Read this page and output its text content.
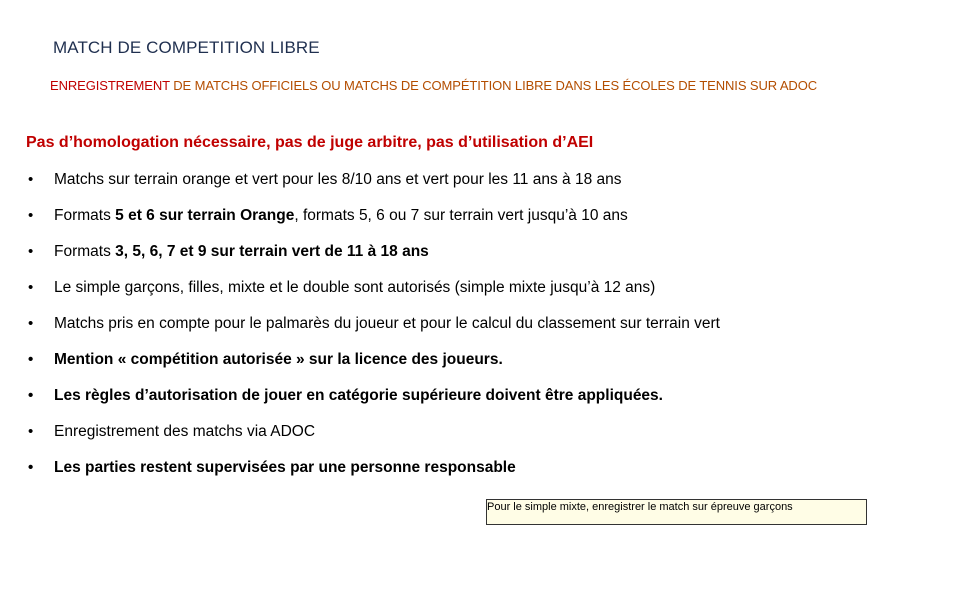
MATCH DE COMPETITION LIBRE
ENREGISTREMENT DE MATCHS OFFICIELS OU MATCHS DE COMPÉTITION LIBRE DANS LES ÉCOLES DE TENNIS SUR ADOC
Pas d’homologation nécessaire, pas de juge arbitre, pas d’utilisation d’AEI
• Matchs sur terrain orange et vert pour les 8/10 ans et vert pour les 11 ans à 18 ans
• Formats 5 et 6 sur terrain Orange, formats 5, 6 ou 7 sur terrain vert jusqu’à 10 ans
• Formats 3, 5, 6, 7 et 9 sur terrain vert de 11 à 18 ans
• Le simple garçons, filles, mixte et le double sont autorisés (simple mixte jusqu’à 12 ans)
• Matchs pris en compte pour le palmarès du joueur et pour le calcul du classement sur terrain vert
• Mention « compétition autorisée » sur la licence des joueurs.
• Les règles d’autorisation de jouer en catégorie supérieure doivent être appliquées.
• Enregistrement des matchs via ADOC
• Les parties restent supervisées par une personne responsable
Pour le simple mixte, enregistrer le match sur épreuve garçons
